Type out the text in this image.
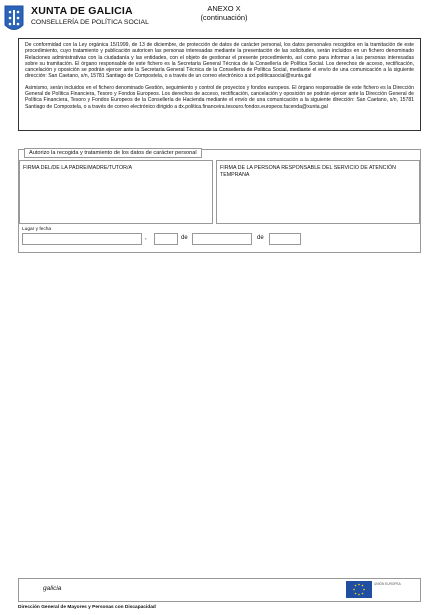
XUNTA DE GALICIA
CONSELLERÍA DE POLÍTICA SOCIAL
ANEXO X
(continuación)

De conformidad con la Ley orgánica 15/1999, de 13 de diciembre, de protección de datos de carácter personal, los datos personales recogidos en la tramitación de este procedimiento, cuyo tratamiento y publicación autoricen las personas interesadas mediante la presentación de las solicitudes, serán incluidos en un fichero denominado Relaciones administrativas con la ciudadanía y las entidades, con el objeto de gestionar el presente procedimiento, así como para informar a las personas interesadas sobre su tramitación. El órgano responsable de este fichero es la Secretaría General Técnica de la Consellería de Política Social. Los derechos de acceso, rectificación, cancelación y oposición se podrán ejercer ante la Secretaría General Técnica de la Consellería de Política Social, mediante el envío de una comunicación a la siguiente dirección: San Caetano, s/n, 15781 Santiago de Compostela, o a través de un correo electrónico a sxt.politicasocial@xunta.gal

Asimismo, serán incluidos en el fichero denominado Gestión, seguimiento y control de proyectos y fondos europeos. El órgano responsable de este fichero es la Dirección General de Política Financiera, Tesoro y Fondos Europeos. Los derechos de acceso, rectificación, cancelación y oposición se podrán ejercer ante la Dirección General de Política Financiera, Tesoro y Fondos Europeos de la Consellería de Hacienda mediante el envío de una comunicación a la siguiente dirección: San Caetano, s/n, 15781 Santiago de Compostela, o a través de correo electrónico dirigido a dx.politica.financeira.tesouro.fondos.europeos.facenda@xunta.gal

Autorizo la recogida y tratamiento de los datos de carácter personal
FIRMA DEL/DE LA PADRE/MADRE/TUTOR/A	FIRMA DE LA PERSONA RESPONSABLE DEL SERVICIO DE ATENCIÓN TEMPRANA
Lugar y fecha
,	de	de
galicia
UNIÓN EUROPEA
Dirección General de Mayores y Personas con Discapacidad
